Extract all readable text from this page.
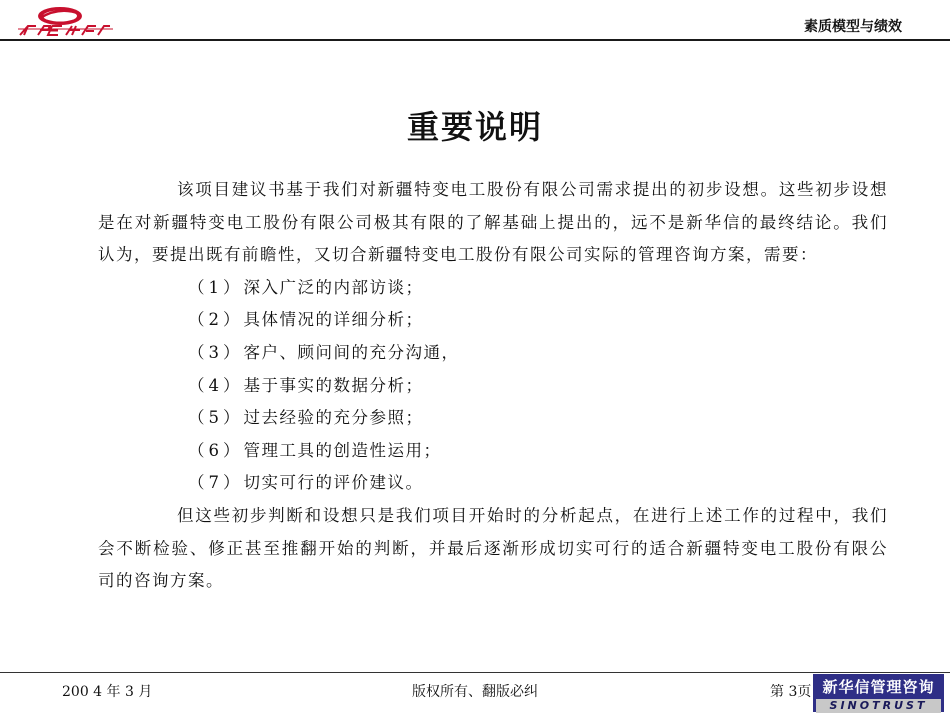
素质模型与绩效
重要说明

该项目建议书基于我们对新疆特变电工股份有限公司需求提出的初步设想。这些初步设想是在对新疆特变电工股份有限公司极其有限的了解基础上提出的，远不是新华信的最终结论。我们认为，要提出既有前瞻性，又切合新疆特变电工股份有限公司实际的管理咨询方案，需要：

（1）深入广泛的内部访谈；
（2）具体情况的详细分析；
（3）客户、顾问间的充分沟通，
（4）基于事实的数据分析；
（5）过去经验的充分参照；
（6）管理工具的创造性运用；
（7）切实可行的评价建议。

但这些初步判断和设想只是我们项目开始时的分析起点，在进行上述工作的过程中，我们会不断检验、修正甚至推翻开始的判断，并最后逐渐形成切实可行的适合新疆特变电工股份有限公司的咨询方案。

200 4 年 3 月	版权所有、翻版必纠	第 3页 新华信管理咨询
SINOTRUST
